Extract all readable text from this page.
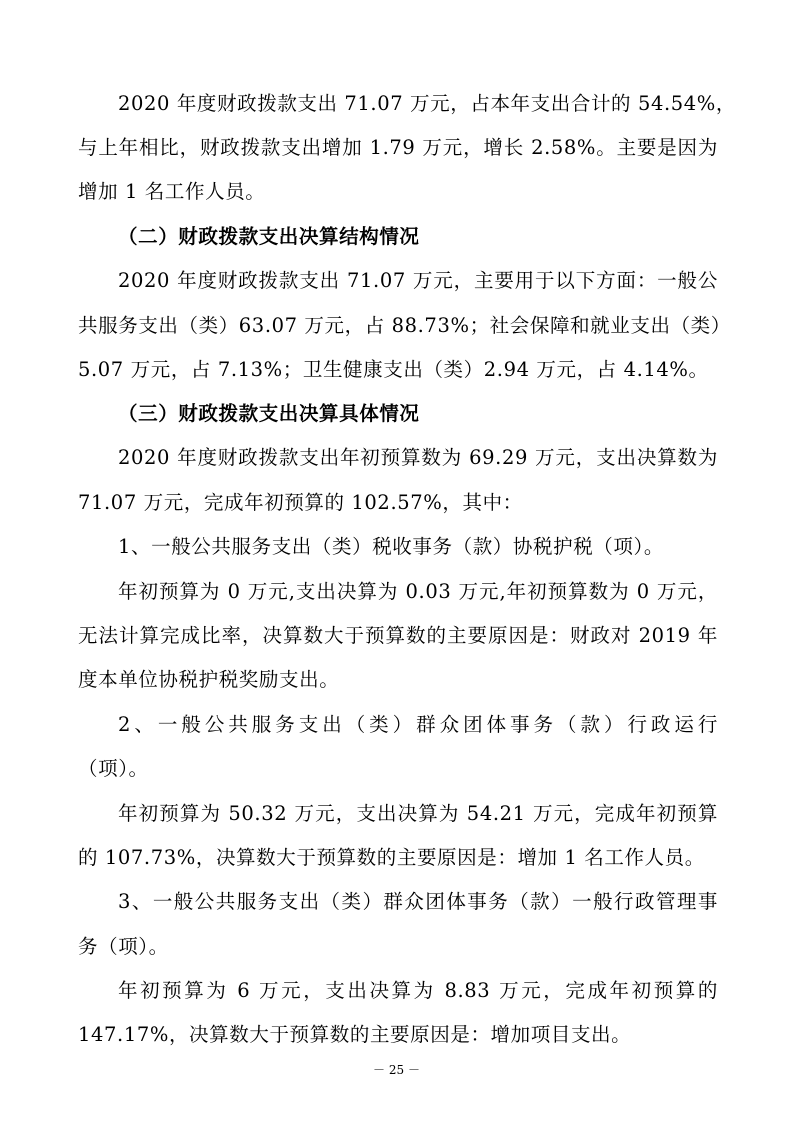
2020 年度财政拨款支出 71.07 万元，占本年支出合计的 54.54%，
与上年相比，财政拨款支出增加 1.79 万元，增长 2.58%。主要是因为
增加 1 名工作人员。
（二）财政拨款支出决算结构情况
2020 年度财政拨款支出 71.07 万元，主要用于以下方面：一般公
共服务支出（类）63.07 万元，占 88.73%；社会保障和就业支出（类）
5.07 万元，占 7.13%；卫生健康支出（类）2.94 万元，占 4.14%。
（三）财政拨款支出决算具体情况
2020 年度财政拨款支出年初预算数为 69.29 万元，支出决算数为
71.07 万元，完成年初预算的 102.57%，其中：
1、一般公共服务支出（类）税收事务（款）协税护税（项）。
年初预算为 0 万元,支出决算为 0.03 万元,年初预算数为 0 万元，
无法计算完成比率，决算数大于预算数的主要原因是：财政对 2019 年
度本单位协税护税奖励支出。
2、一般公共服务支出（类）群众团体事务（款）行政运行
（项）。
年初预算为 50.32 万元，支出决算为 54.21 万元，完成年初预算
的 107.73%，决算数大于预算数的主要原因是：增加 1 名工作人员。
3、一般公共服务支出（类）群众团体事务（款）一般行政管理事
务（项）。
年初预算为 6 万元，支出决算为 8.83 万元，完成年初预算的
147.17%，决算数大于预算数的主要原因是：增加项目支出。
－ 25 －
